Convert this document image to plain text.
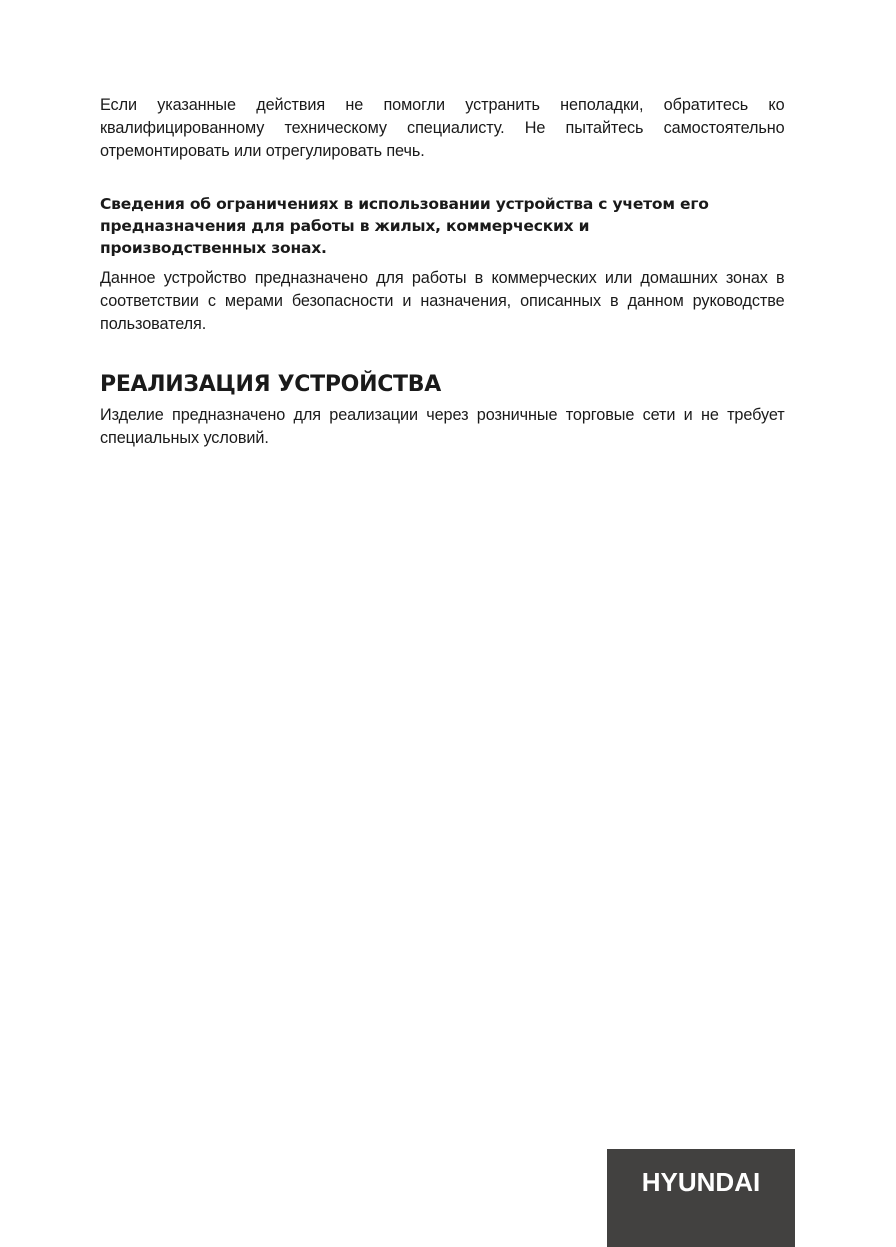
Если указанные действия не помогли устранить неполадки, обратитесь ко квалифицированному техническому специалисту. Не пытайтесь самостоятельно отремонтировать или отрегулировать печь.

Сведения об ограничениях в использовании устройства с учетом его предназначения для работы в жилых, коммерческих и производственных зонах.

Данное устройство предназначено для работы в коммерческих или домашних зонах в соответствии с мерами безопасности и назначения, описанных в данном руководстве пользователя.

РЕАЛИЗАЦИЯ УСТРОЙСТВА

Изделие предназначено для реализации через розничные торговые сети и не требует специальных условий.

HYUNDAI
